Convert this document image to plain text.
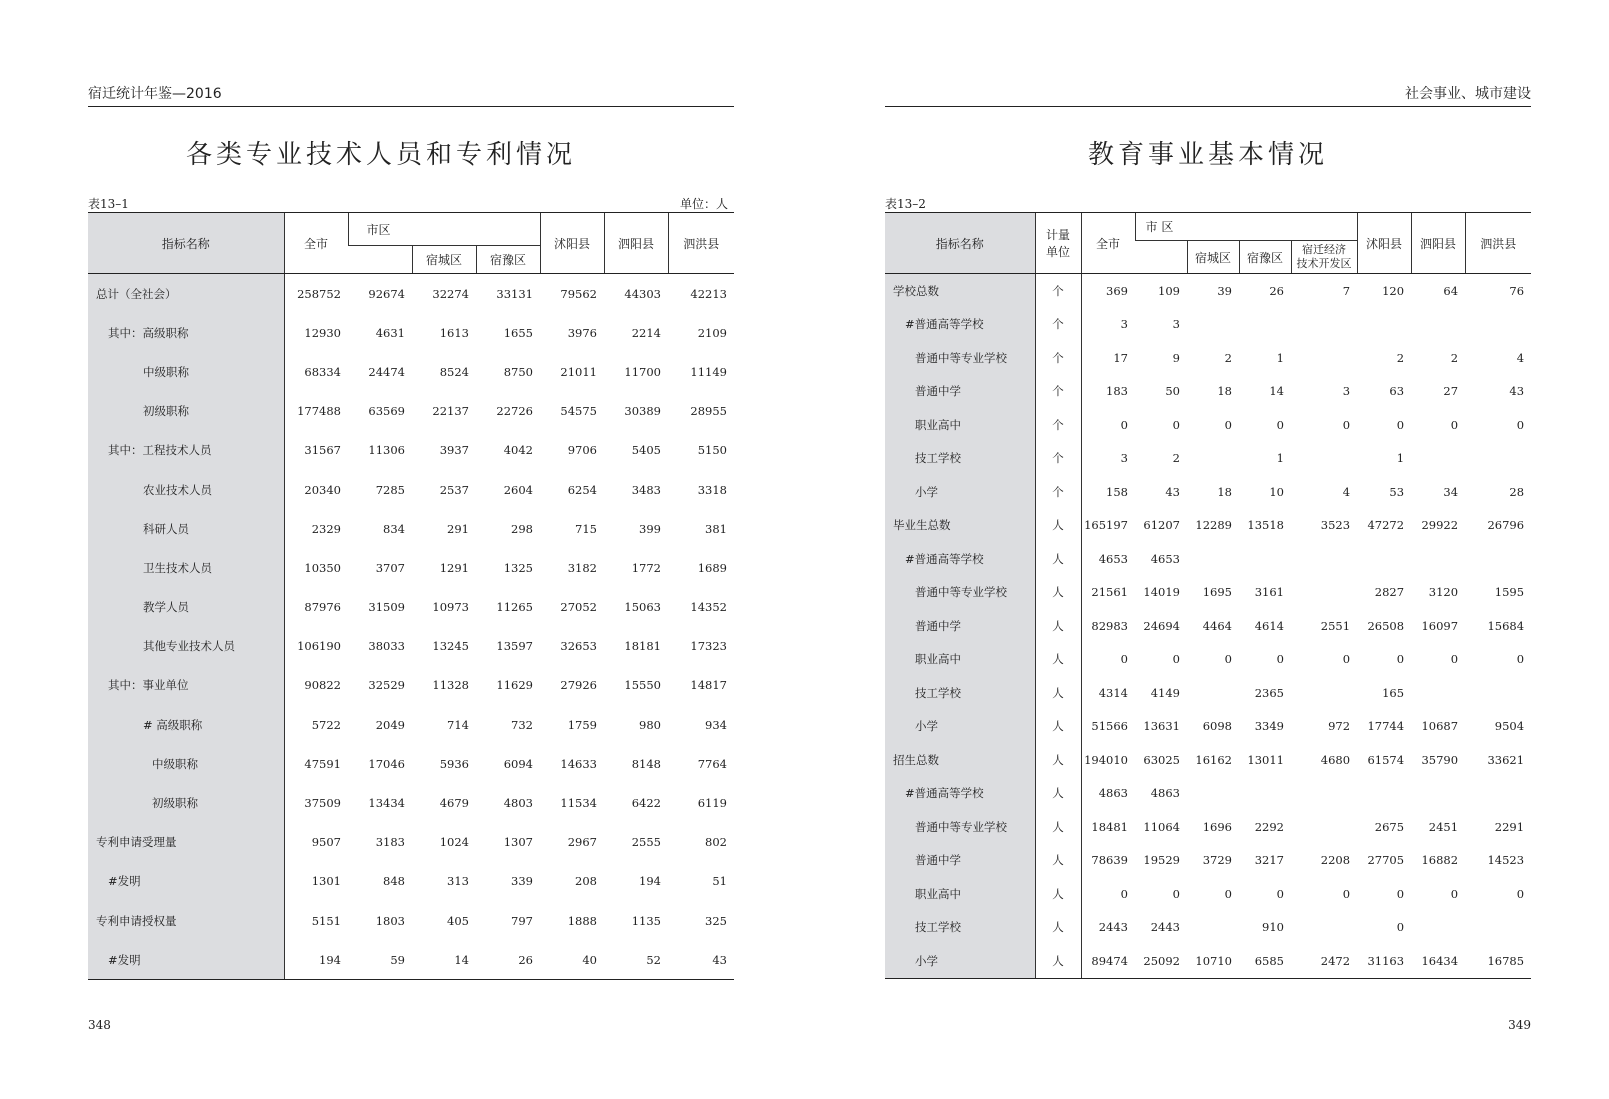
宿迁统计年鉴—2016
各类专业技术人员和专利情况
表13–1	单位：人
指标名称	全市	市区			沭阳县	泗阳县	泗洪县
			宿城区	宿豫区			
总计（全社会）	258752	92674	32274	33131	79562	44303	42213
其中：高级职称	12930	4631	1613	1655	3976	2214	2109
中级职称	68334	24474	8524	8750	21011	11700	11149
初级职称	177488	63569	22137	22726	54575	30389	28955
其中：工程技术人员	31567	11306	3937	4042	9706	5405	5150
农业技术人员	20340	7285	2537	2604	6254	3483	3318
科研人员	2329	834	291	298	715	399	381
卫生技术人员	10350	3707	1291	1325	3182	1772	1689
教学人员	87976	31509	10973	11265	27052	15063	14352
其他专业技术人员	106190	38033	13245	13597	32653	18181	17323
其中：事业单位	90822	32529	11328	11629	27926	15550	14817
# 高级职称	5722	2049	714	732	1759	980	934
中级职称	47591	17046	5936	6094	14633	8148	7764
初级职称	37509	13434	4679	4803	11534	6422	6119
专利申请受理量	9507	3183	1024	1307	2967	2555	802
#发明	1301	848	313	339	208	194	51
专利申请授权量	5151	1803	405	797	1888	1135	325
#发明	194	59	14	26	40	52	43
348
社会事业、城市建设
教育事业基本情况
表13–2
指标名称	计量
单位	全市	市 区				沭阳县	泗阳县	泗洪县
				宿城区	宿豫区	宿迁经济
技术开发区			
学校总数	个	369	109	39	26	7	120	64	76
#普通高等学校	个	3	3						
普通中等专业学校	个	17	9	2	1		2	2	4
普通中学	个	183	50	18	14	3	63	27	43
职业高中	个	0	0	0	0	0	0	0	0
技工学校	个	3	2		1		1		
小学	个	158	43	18	10	4	53	34	28
毕业生总数	人	165197	61207	12289	13518	3523	47272	29922	26796
#普通高等学校	人	4653	4653						
普通中等专业学校	人	21561	14019	1695	3161		2827	3120	1595
普通中学	人	82983	24694	4464	4614	2551	26508	16097	15684
职业高中	人	0	0	0	0	0	0	0	0
技工学校	人	4314	4149		2365		165		
小学	人	51566	13631	6098	3349	972	17744	10687	9504
招生总数	人	194010	63025	16162	13011	4680	61574	35790	33621
#普通高等学校	人	4863	4863						
普通中等专业学校	人	18481	11064	1696	2292		2675	2451	2291
普通中学	人	78639	19529	3729	3217	2208	27705	16882	14523
职业高中	人	0	0	0	0	0	0	0	0
技工学校	人	2443	2443		910		0		
小学	人	89474	25092	10710	6585	2472	31163	16434	16785
349
